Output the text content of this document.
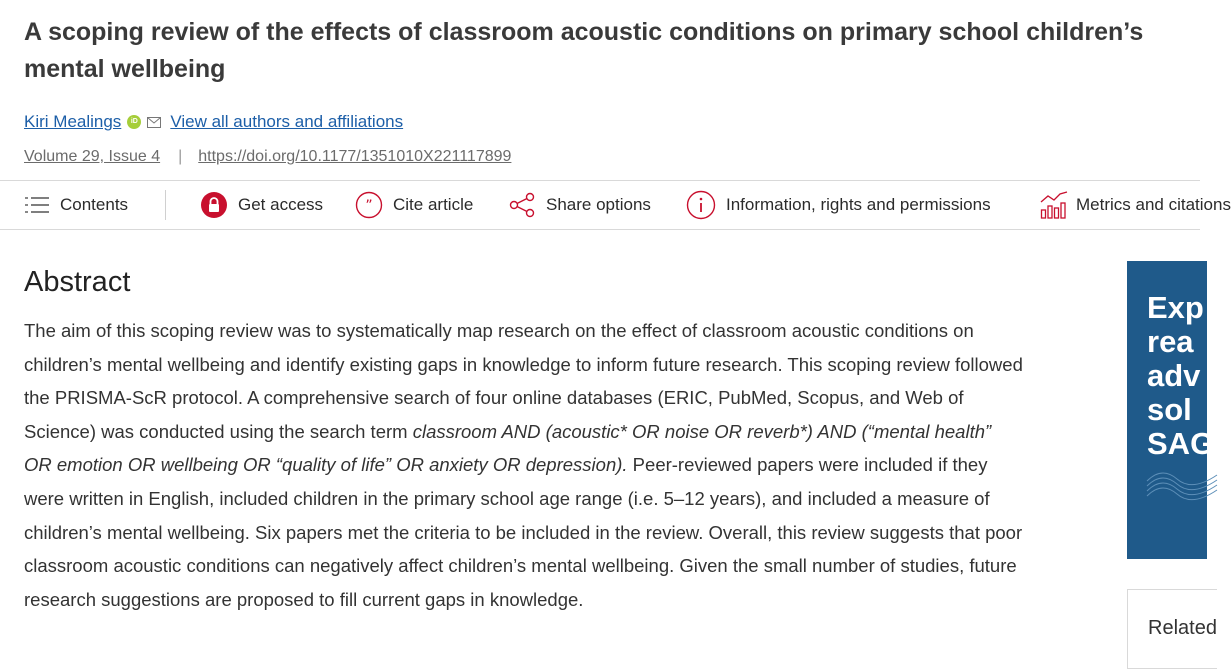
A scoping review of the effects of classroom acoustic conditions on primary school children’s mental wellbeing
Kiri Mealings	iD View all authors and affiliations
Volume 29, Issue 4 | https://doi.org/10.1177/1351010X221117899
Contents	Get access	” Cite article	Share options	Information, rights and permissions	Metrics and citations
Abstract

The aim of this scoping review was to systematically map research on the effect of classroom acoustic conditions on children’s mental wellbeing and identify existing gaps in knowledge to inform future research. This scoping review followed the PRISMA-ScR protocol. A comprehensive search of four online databases (ERIC, PubMed, Scopus, and Web of Science) was conducted using the search term classroom AND (acoustic* OR noise OR reverb*) AND (“mental health” OR emotion OR wellbeing OR “quality of life” OR anxiety OR depression). Peer-reviewed papers were included if they were written in English, included children in the primary school age range (i.e. 5–12 years), and included a measure of children’s mental wellbeing. Six papers met the criteria to be included in the review. Overall, this review suggests that poor classroom acoustic conditions can negatively affect children’s mental wellbeing. Given the small number of studies, future research suggestions are proposed to fill current gaps in knowledge.

Exp
rea
adv
sol
SAG
Related
